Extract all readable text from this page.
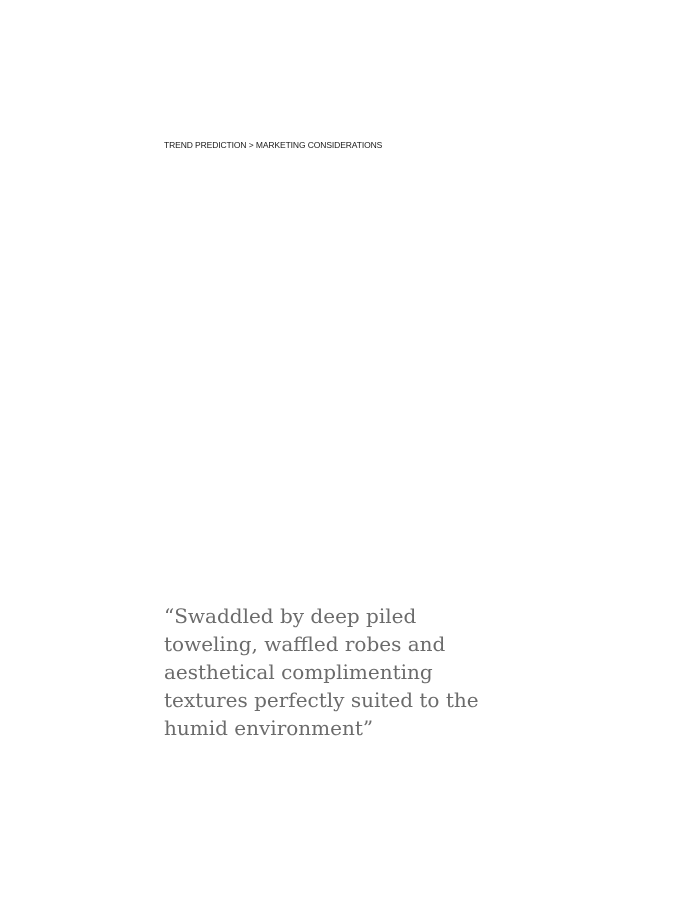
TREND PREDICTION > MARKETING CONSIDERATIONS
“Swaddled by deep piled
toweling, waffled robes and
aesthetical complimenting
textures perfectly suited to the
humid environment”
